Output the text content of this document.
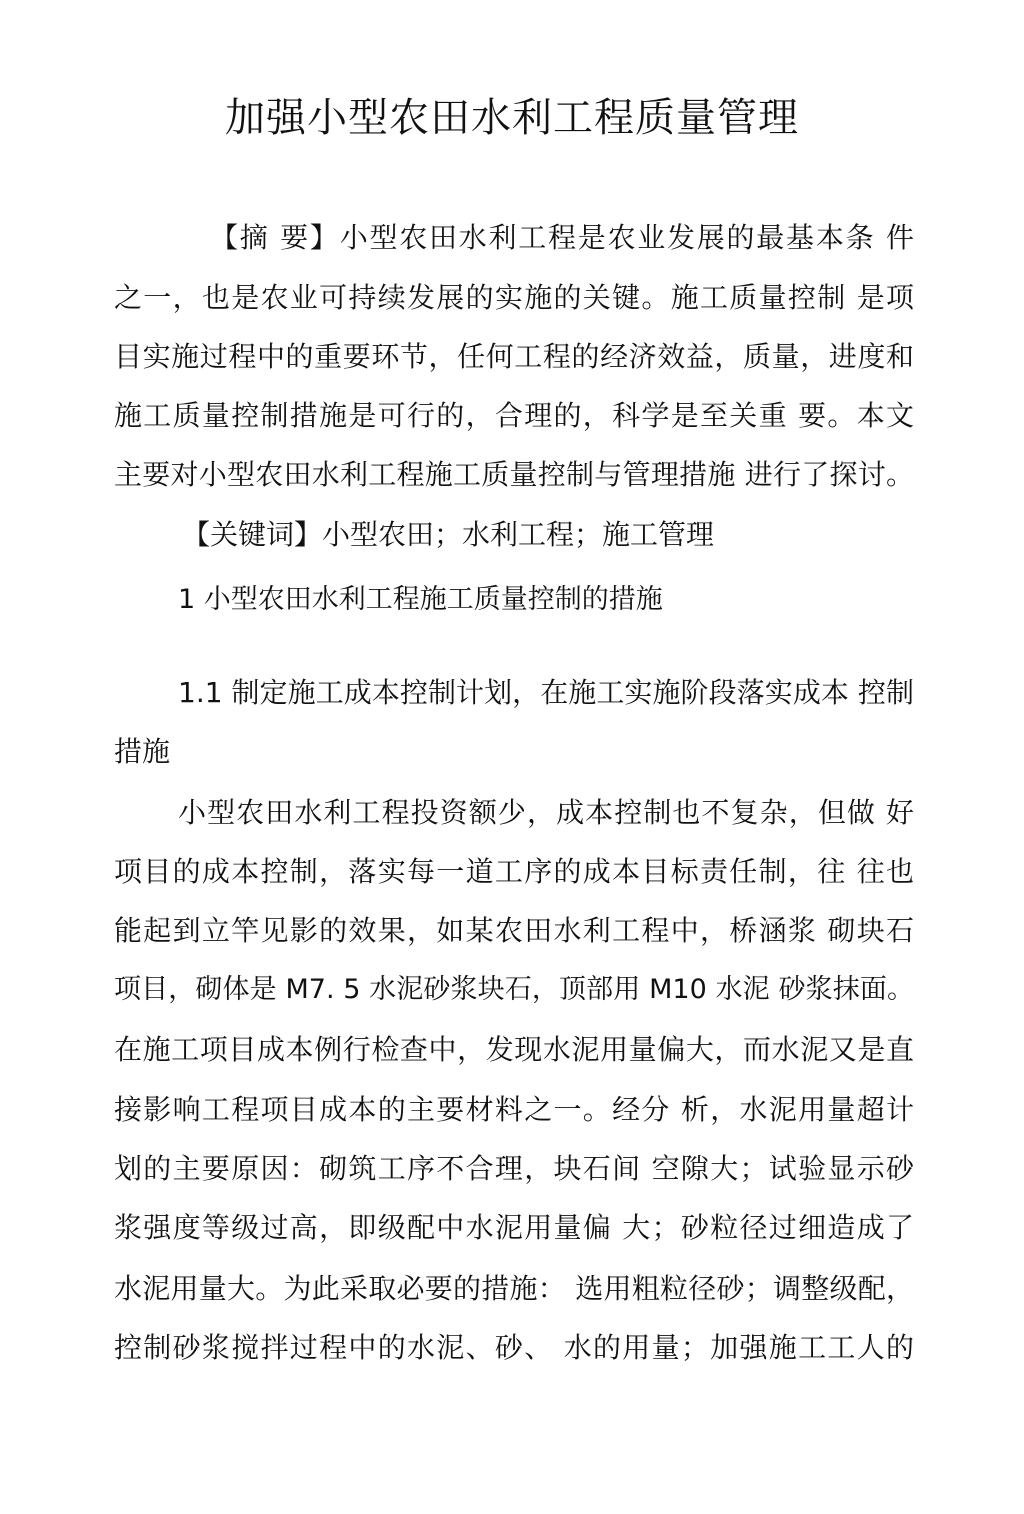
加强小型农田水利工程质量管理
【摘 要】小型农田水利工程是农业发展的最基本条 件
之一，也是农业可持续发展的实施的关键。施工质量控制 是项
目实施过程中的重要环节，任何工程的经济效益，质量，进度和
施工质量控制措施是可行的，合理的，科学是至关重 要。本文
主要对小型农田水利工程施工质量控制与管理措施 进行了探讨。
【关键词】小型农田；水利工程；施工管理
1 小型农田水利工程施工质量控制的措施
1.1 制定施工成本控制计划，在施工实施阶段落实成本 控制
措施
小型农田水利工程投资额少，成本控制也不复杂，但做 好
项目的成本控制，落实每一道工序的成本目标责任制，往 往也
能起到立竿见影的效果，如某农田水利工程中，桥涵浆 砌块石
项目，砌体是 M7. 5 水泥砂浆块石，顶部用 M10 水泥 砂浆抹面。
在施工项目成本例行检查中，发现水泥用量偏大，而水泥又是直
接影响工程项目成本的主要材料之一。经分 析，水泥用量超计
划的主要原因：砌筑工序不合理，块石间 空隙大；试验显示砂
浆强度等级过高，即级配中水泥用量偏 大；砂粒径过细造成了
水泥用量大。为此采取必要的措施： 选用粗粒径砂；调整级配，
控制砂浆搅拌过程中的水泥、砂、 水的用量；加强施工工人的
